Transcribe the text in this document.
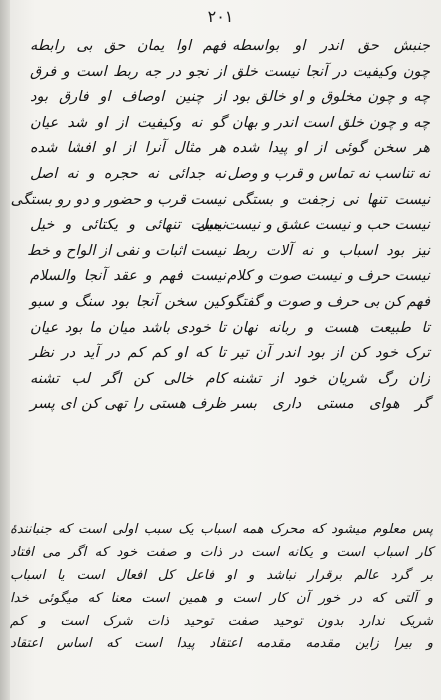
۲۰۱
جنبش حق اندر او بواسطه
چون وکیفیت در آنجا نیست خلق
چه و چون مخلوق و او خالق بود
چه و چون خلق است اندر و بهان
هر سخن گوئی از او پیدا شده
نه تناسب نه تماس و قرب و وصل
نیست تنها نی زجفت و بستگی
نیست حب و نیست عشق و نیست میل
نیز بود اسباب و نه آلات ربط
نیست حرف و نیست صوت و کلام
فهم کن بی حرف و صوت و گفتگو
تا طبیعت هست و ربانه نهان
ترک خود کن از بود اندر آن تیر
زان رگ شریان خود از تشنه
گر هوای مستی داری بسر
فهم اوا یمان حق بی رابطه
از نجو در جه ربط است و فرق
از چنین اوصاف او فارق بود
گو نه وکیفیت از او شد عیان
هر مثال آنرا از او افشا شده
نه جدائی نه حجره و نه اصل
نیست قرب و حضور و دو رو بستگی
نیست تنهائی و یکتائی و خیل
نیست اثبات و نفی از الواح و خط
نیست فهم و عقد آنجا والسلام
کین سخن آنجا بود سنگ و سبو
تا خودی باشد میان ما بود عیان
تا که او کم کم در آید در نظر
کام خالی کن اگر لب تشنه
ظرف هستی را تهی کن ای پسر
پس معلوم میشود که محرک همه اسباب یک سبب اولی است که جنبانندهٔ
کار اسباب است و یکانه است در ذات و صفت خود که اگر می افتاد
بر گرد عالم برقرار نباشد و او فاعل کل افعال است یا اسباب
و آلتی که در خور آن کار است و همین است معنا که میگوئی خدا
شریک ندارد بدون توحید صفت توحید ذات شرک است و کم
و بیرا زاین مقدمه مقدمه اعتقاد پیدا است که اساس اعتقاد
